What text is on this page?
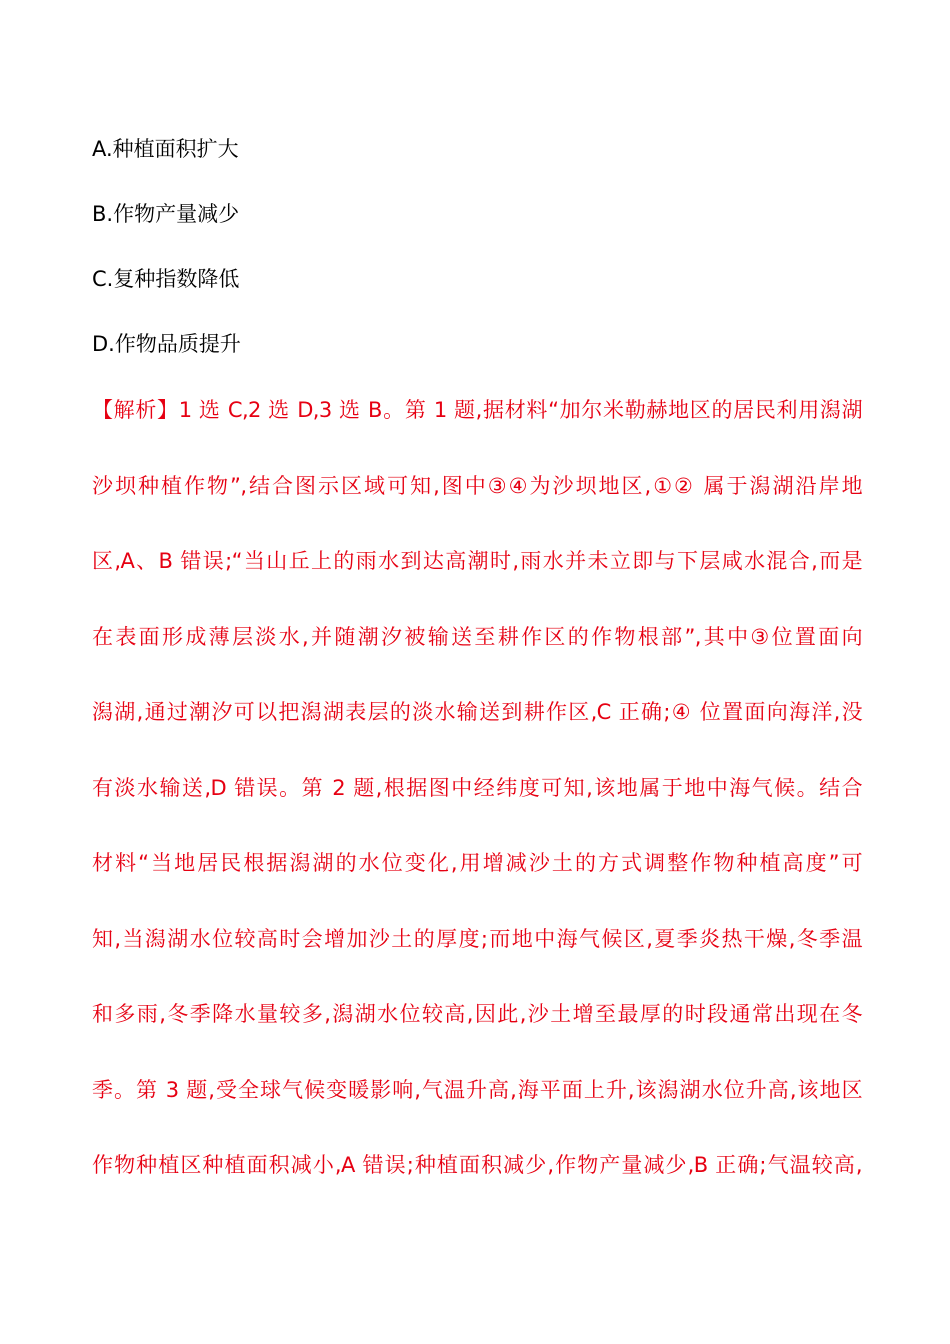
A.种植面积扩大
B.作物产量减少
C.复种指数降低
D.作物品质提升
【解析】1 选 C,2 选 D,3 选 B。第 1 题,据材料“加尔米勒赫地区的居民利用潟湖
沙坝种植作物”,结合图示区域可知,图中③④为沙坝地区,①② 属于潟湖沿岸地
区,A、B 错误;“当山丘上的雨水到达高潮时,雨水并未立即与下层咸水混合,而是
在表面形成薄层淡水,并随潮汐被输送至耕作区的作物根部”,其中③位置面向
潟湖,通过潮汐可以把潟湖表层的淡水输送到耕作区,C 正确;④ 位置面向海洋,没
有淡水输送,D 错误。第 2 题,根据图中经纬度可知,该地属于地中海气候。结合
材料“当地居民根据潟湖的水位变化,用增减沙土的方式调整作物种植高度”可
知,当潟湖水位较高时会增加沙土的厚度;而地中海气候区,夏季炎热干燥,冬季温
和多雨,冬季降水量较多,潟湖水位较高,因此,沙土增至最厚的时段通常出现在冬
季。第 3 题,受全球气候变暖影响,气温升高,海平面上升,该潟湖水位升高,该地区
作物种植区种植面积减小,A 错误;种植面积减少,作物产量减少,B 正确;气温较高,
